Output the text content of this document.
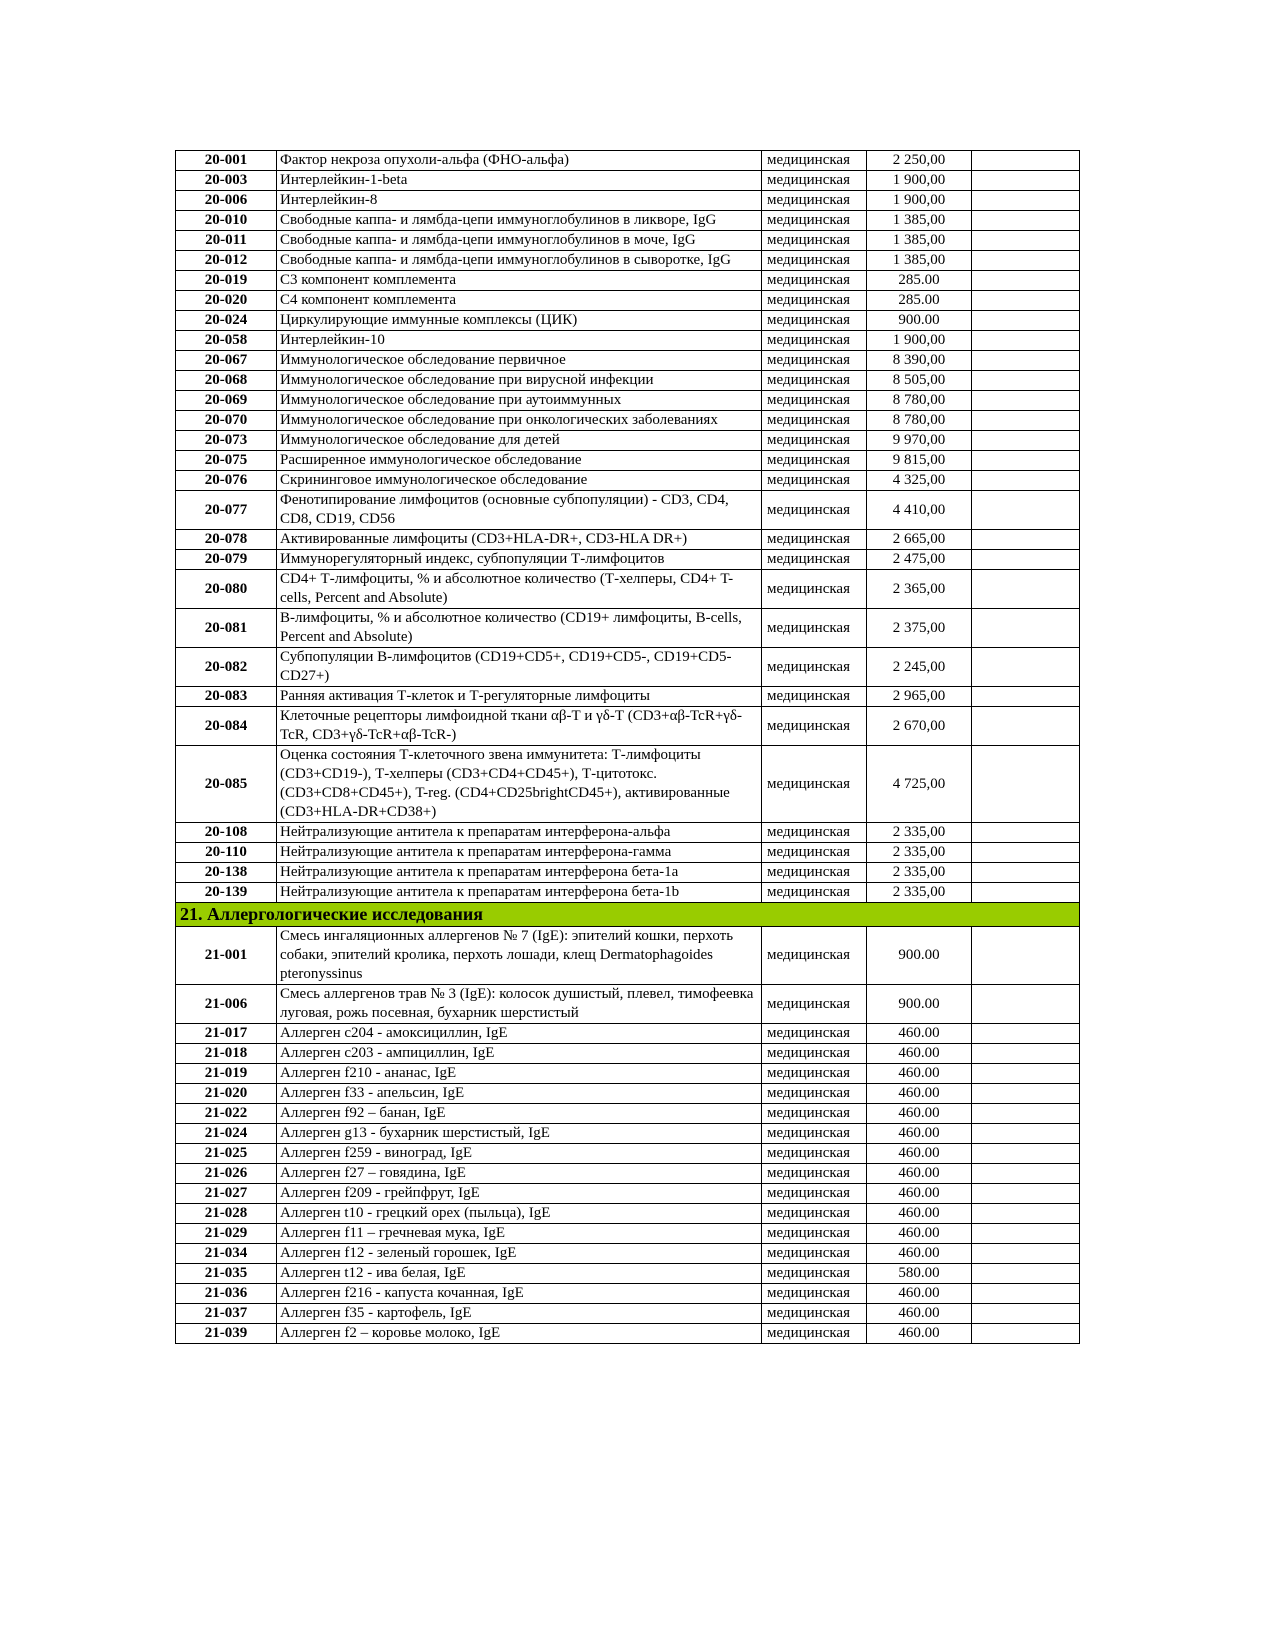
20-001	Фактор некроза опухоли-альфа (ФНО-альфа)	медицинская	2 250,00	
20-003	Интерлейкин-1-beta	медицинская	1 900,00	
20-006	Интерлейкин-8	медицинская	1 900,00	
20-010	Свободные каппа- и лямбда-цепи иммуноглобулинов в ликворе, IgG	медицинская	1 385,00	
20-011	Свободные каппа- и лямбда-цепи иммуноглобулинов в моче, IgG	медицинская	1 385,00	
20-012	Свободные каппа- и лямбда-цепи иммуноглобулинов в сыворотке, IgG	медицинская	1 385,00	
20-019	С3 компонент комплемента	медицинская	285.00	
20-020	С4 компонент комплемента	медицинская	285.00	
20-024	Циркулирующие иммунные комплексы (ЦИК)	медицинская	900.00	
20-058	Интерлейкин-10	медицинская	1 900,00	
20-067	Иммунологическое обследование первичное	медицинская	8 390,00	
20-068	Иммунологическое обследование при вирусной инфекции	медицинская	8 505,00	
20-069	Иммунологическое обследование при аутоиммунных	медицинская	8 780,00	
20-070	Иммунологическое обследование при онкологических заболеваниях	медицинская	8 780,00	
20-073	Иммунологическое обследование для детей	медицинская	9 970,00	
20-075	Расширенное иммунологическое обследование	медицинская	9 815,00	
20-076	Скрининговое иммунологическое обследование	медицинская	4 325,00	
20-077	Фенотипирование лимфоцитов (основные субпопуляции) - CD3, CD4, CD8, CD19, CD56	медицинская	4 410,00	
20-078	Активированные лимфоциты (CD3+HLA-DR+, CD3-HLA DR+)	медицинская	2 665,00	
20-079	Иммунорегуляторный индекс, субпопуляции Т-лимфоцитов	медицинская	2 475,00	
20-080	CD4+ Т-лимфоциты, % и абсолютное количество (Т-хелперы, CD4+ T-cells, Percent and Absolute)	медицинская	2 365,00	
20-081	В-лимфоциты, % и абсолютное количество (CD19+ лимфоциты, B-cells, Percent and Absolute)	медицинская	2 375,00	
20-082	Субпопуляции В-лимфоцитов (CD19+CD5+, CD19+CD5-, CD19+CD5-CD27+)	медицинская	2 245,00	
20-083	Ранняя активация Т-клеток и Т-регуляторные лимфоциты	медицинская	2 965,00	
20-084	Клеточные рецепторы лимфоидной ткани αβ-Т и γδ-Т (CD3+αβ-TcR+γδ-TcR, CD3+γδ-TcR+αβ-TcR-)	медицинская	2 670,00	
20-085	Оценка состояния Т-клеточного звена иммунитета: Т-лимфоциты (CD3+CD19-), Т-хелперы (CD3+CD4+CD45+), Т-цитотокс. (CD3+CD8+CD45+), T-reg. (CD4+CD25brightCD45+), активированные (CD3+HLA-DR+CD38+)	медицинская	4 725,00	
20-108	Нейтрализующие антитела к препаратам интерферона-альфа	медицинская	2 335,00	
20-110	Нейтрализующие антитела к препаратам интерферона-гамма	медицинская	2 335,00	
20-138	Нейтрализующие антитела к препаратам интерферона бета-1а	медицинская	2 335,00	
20-139	Нейтрализующие антитела к препаратам интерферона бета-1b	медицинская	2 335,00	
21. Аллергологические исследования				
21-001	Смесь ингаляционных аллергенов № 7 (IgE): эпителий кошки, перхоть собаки, эпителий кролика, перхоть лошади, клещ Dermatophagoides pteronyssinus	медицинская	900.00	
21-006	Смесь аллергенов трав № 3 (IgE): колосок душистый, плевел, тимофеевка луговая, рожь посевная, бухарник шерстистый	медицинская	900.00	
21-017	Аллерген c204 - амоксициллин, IgE	медицинская	460.00	
21-018	Аллерген c203 - ампициллин, IgE	медицинская	460.00	
21-019	Аллерген f210 - ананас, IgE	медицинская	460.00	
21-020	Аллерген f33 - апельсин, IgE	медицинская	460.00	
21-022	Аллерген f92 – банан, IgE	медицинская	460.00	
21-024	Аллерген g13 - бухарник шерстистый, IgE	медицинская	460.00	
21-025	Аллерген f259 - виноград, IgE	медицинская	460.00	
21-026	Аллерген f27 – говядина, IgE	медицинская	460.00	
21-027	Аллерген f209 - грейпфрут, IgE	медицинская	460.00	
21-028	Аллерген t10 - грецкий орех (пыльца), IgE	медицинская	460.00	
21-029	Аллерген f11 – гречневая мука, IgE	медицинская	460.00	
21-034	Аллерген f12 - зеленый горошек, IgE	медицинская	460.00	
21-035	Аллерген t12 - ива белая, IgE	медицинская	580.00	
21-036	Аллерген f216 - капуста кочанная, IgE	медицинская	460.00	
21-037	Аллерген f35 - картофель, IgE	медицинская	460.00	
21-039	Аллерген f2 – коровье молоко, IgE	медицинская	460.00	
